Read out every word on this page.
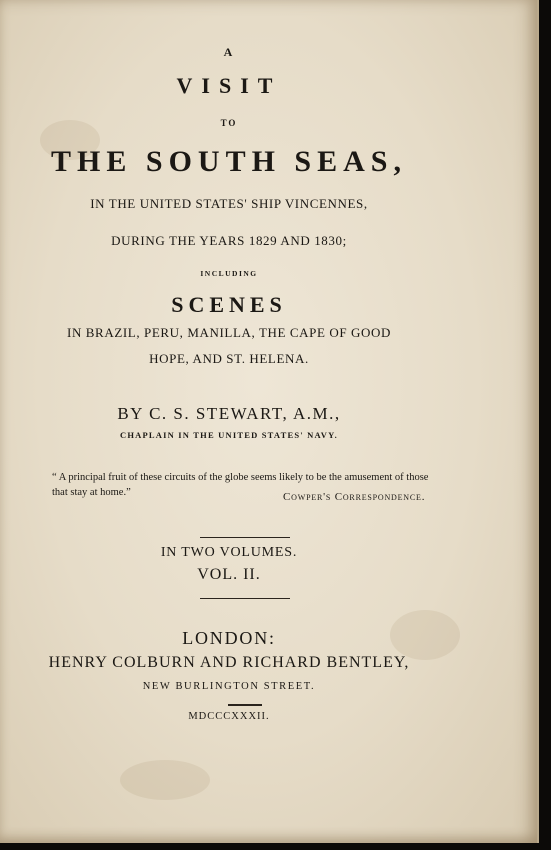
A
VISIT
TO
THE SOUTH SEAS,
IN THE UNITED STATES' SHIP VINCENNES,
DURING THE YEARS 1829 AND 1830;
INCLUDING
SCENES
IN BRAZIL, PERU, MANILLA, THE CAPE OF GOOD
HOPE, AND ST. HELENA.
BY C. S. STEWART, A.M.,
CHAPLAIN IN THE UNITED STATES' NAVY.
“ A principal fruit of these circuits of the globe seems likely to be the amusement of those that stay at home.”	Cowper's Correspondence.
IN TWO VOLUMES.
VOL. II.
LONDON:
HENRY COLBURN AND RICHARD BENTLEY,
NEW BURLINGTON STREET.
MDCCCXXXII.
